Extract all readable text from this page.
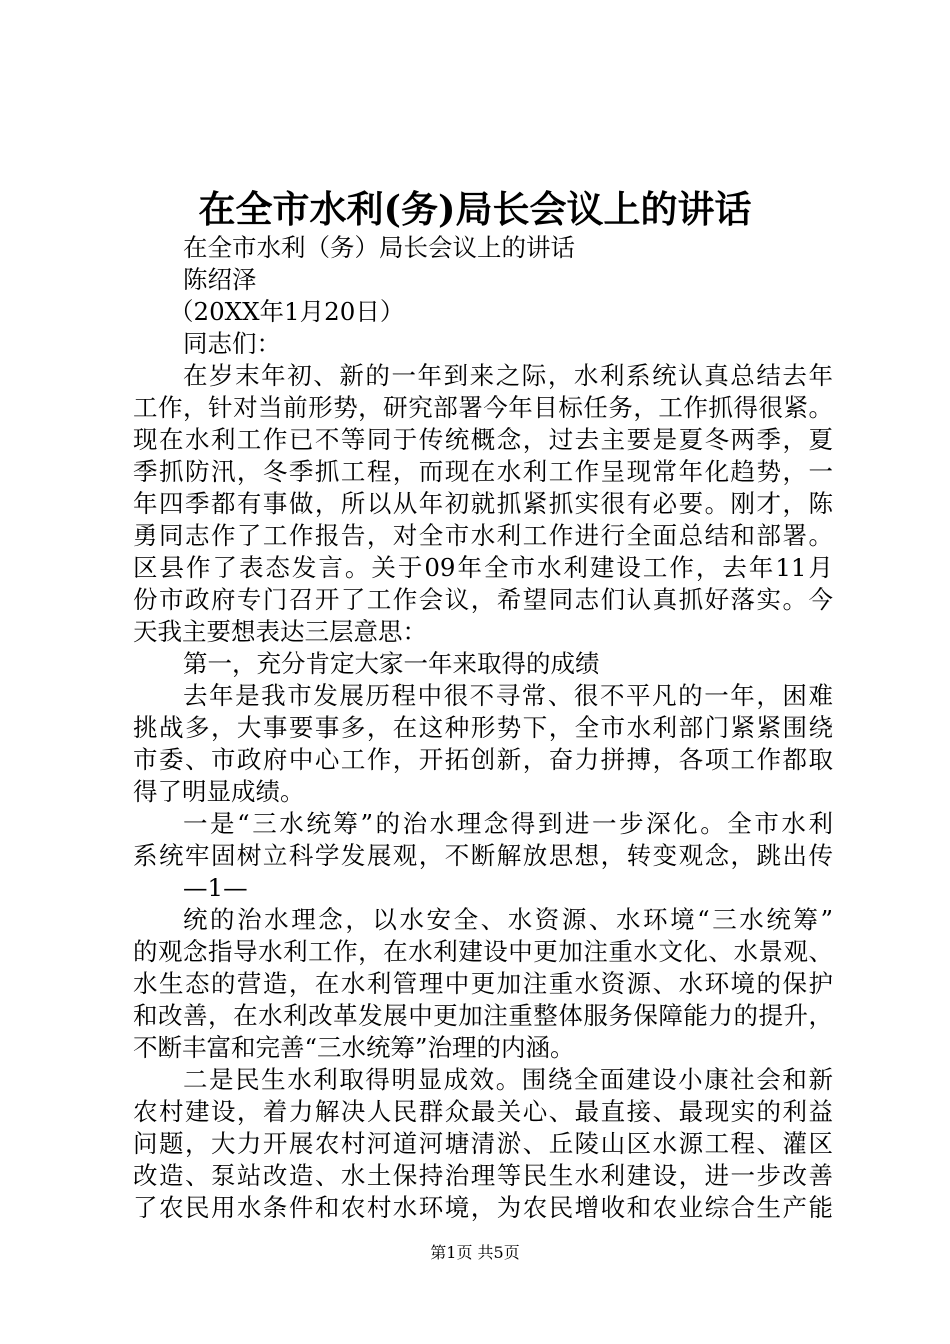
在全市水利(务)局长会议上的讲话
在全市水利（务）局长会议上的讲话
陈绍泽
（20XX年1月20日）
同志们：
在岁末年初、新的一年到来之际，水利系统认真总结去年
工作，针对当前形势，研究部署今年目标任务，工作抓得很紧。
现在水利工作已不等同于传统概念，过去主要是夏冬两季，夏
季抓防汛，冬季抓工程，而现在水利工作呈现常年化趋势，一
年四季都有事做，所以从年初就抓紧抓实很有必要。刚才，陈
勇同志作了工作报告，对全市水利工作进行全面总结和部署。
区县作了表态发言。关于09年全市水利建设工作，去年11月
份市政府专门召开了工作会议，希望同志们认真抓好落实。今
天我主要想表达三层意思：
第一，充分肯定大家一年来取得的成绩
去年是我市发展历程中很不寻常、很不平凡的一年，困难
挑战多，大事要事多，在这种形势下，全市水利部门紧紧围绕
市委、市政府中心工作，开拓创新，奋力拼搏，各项工作都取
得了明显成绩。
一是“三水统筹”的治水理念得到进一步深化。全市水利
系统牢固树立科学发展观，不断解放思想，转变观念，跳出传
—1—
统的治水理念，以水安全、水资源、水环境“三水统筹”
的观念指导水利工作，在水利建设中更加注重水文化、水景观、
水生态的营造，在水利管理中更加注重水资源、水环境的保护
和改善，在水利改革发展中更加注重整体服务保障能力的提升，
不断丰富和完善“三水统筹”治理的内涵。
二是民生水利取得明显成效。围绕全面建设小康社会和新
农村建设，着力解决人民群众最关心、最直接、最现实的利益
问题，大力开展农村河道河塘清淤、丘陵山区水源工程、灌区
改造、泵站改造、水土保持治理等民生水利建设，进一步改善
了农民用水条件和农村水环境，为农民增收和农业综合生产能
第1页 共5页
